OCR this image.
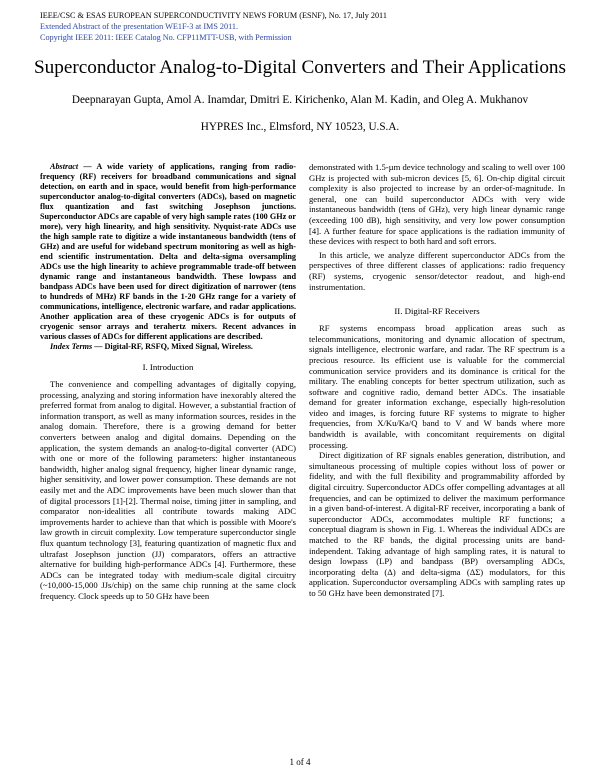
IEEE/CSC & ESAS EUROPEAN SUPERCONDUCTIVITY NEWS FORUM (ESNF), No. 17, July 2011
Extended Abstract of the presentation WE1F-3 at IMS 2011.
Copyright IEEE 2011: IEEE Catalog No. CFP11MTT-USB, with Permission
Superconductor Analog-to-Digital Converters and Their Applications
Deepnarayan Gupta, Amol A. Inamdar, Dmitri E. Kirichenko, Alan M. Kadin, and Oleg A. Mukhanov
HYPRES Inc., Elmsford, NY 10523, U.S.A.

Abstract — A wide variety of applications, ranging from radio-frequency (RF) receivers for broadband communications and signal detection, on earth and in space, would benefit from high-performance superconductor analog-to-digital converters (ADCs), based on magnetic flux quantization and fast switching Josephson junctions. Superconductor ADCs are capable of very high sample rates (100 GHz or more), very high linearity, and high sensitivity. Nyquist-rate ADCs use the high sample rate to digitize a wide instantaneous bandwidth (tens of GHz) and are useful for wideband spectrum monitoring as well as high-end scientific instrumentation. Delta and delta-sigma oversampling ADCs use the high linearity to achieve programmable trade-off between dynamic range and instantaneous bandwidth. These lowpass and bandpass ADCs have been used for direct digitization of narrower (tens to hundreds of MHz) RF bands in the 1-20 GHz range for a variety of communications, intelligence, electronic warfare, and radar applications. Another application area of these cryogenic ADCs is for outputs of cryogenic sensor arrays and terahertz mixers. Recent advances in various classes of ADCs for different applications are described.

Index Terms — Digital-RF, RSFQ, Mixed Signal, Wireless.

I. Introduction

The convenience and compelling advantages of digitally copying, processing, analyzing and storing information have inexorably altered the preferred format from analog to digital. However, a substantial fraction of information transport, as well as many information sources, resides in the analog domain. Therefore, there is a growing demand for better converters between analog and digital domains. Depending on the application, the system demands an analog-to-digital converter (ADC) with one or more of the following parameters: higher instantaneous bandwidth, higher analog signal frequency, higher linear dynamic range, higher sensitivity, and lower power consumption. These demands are not easily met and the ADC improvements have been much slower than that of digital processors [1]-[2]. Thermal noise, timing jitter in sampling, and comparator non-idealities all contribute towards making ADC improvements harder to achieve than that which is possible with Moore's law growth in circuit complexity. Low temperature superconductor single flux quantum technology [3], featuring quantization of magnetic flux and ultrafast Josephson junction (JJ) comparators, offers an attractive alternative for building high-performance ADCs [4]. Furthermore, these ADCs can be integrated today with medium-scale digital circuitry (~10,000-15,000 JJs/chip) on the same chip running at the same clock frequency. Clock speeds up to 50 GHz have been

demonstrated with 1.5-µm device technology and scaling to well over 100 GHz is projected with sub-micron devices [5, 6]. On-chip digital circuit complexity is also projected to increase by an order-of-magnitude. In general, one can build superconductor ADCs with very wide instantaneous bandwidth (tens of GHz), very high linear dynamic range (exceeding 100 dB), high sensitivity, and very low power consumption [4]. A further feature for space applications is the radiation immunity of these devices with respect to both hard and soft errors.

In this article, we analyze different superconductor ADCs from the perspectives of three different classes of applications: radio frequency (RF) systems, cryogenic sensor/detector readout, and high-end instrumentation.

II. Digital-RF Receivers

RF systems encompass broad application areas such as telecommunications, monitoring and dynamic allocation of spectrum, signals intelligence, electronic warfare, and radar. The RF spectrum is a precious resource. Its efficient use is valuable for the commercial communication service providers and its dominance is critical for the military. The enabling concepts for better spectrum utilization, such as software and cognitive radio, demand better ADCs. The insatiable demand for greater information exchange, especially high-resolution video and images, is forcing future RF systems to migrate to higher frequencies, from X/Ku/Ka/Q band to V and W bands where more bandwidth is available, with concomitant requirements on digital processing.

Direct digitization of RF signals enables generation, distribution, and simultaneous processing of multiple copies without loss of power or fidelity, and with the full flexibility and programmability afforded by digital circuitry. Superconductor ADCs offer compelling advantages at all frequencies, and can be optimized to deliver the maximum performance in a given band-of-interest. A digital-RF receiver, incorporating a bank of superconductor ADCs, accommodates multiple RF functions; a conceptual diagram is shown in Fig. 1. Whereas the individual ADCs are matched to the RF bands, the digital processing units are band-independent. Taking advantage of high sampling rates, it is natural to design lowpass (LP) and bandpass (BP) oversampling ADCs, incorporating delta (Δ) and delta-sigma (ΔΣ) modulators, for this application. Superconductor oversampling ADCs with sampling rates up to 50 GHz have been demonstrated [7].

1 of 4
